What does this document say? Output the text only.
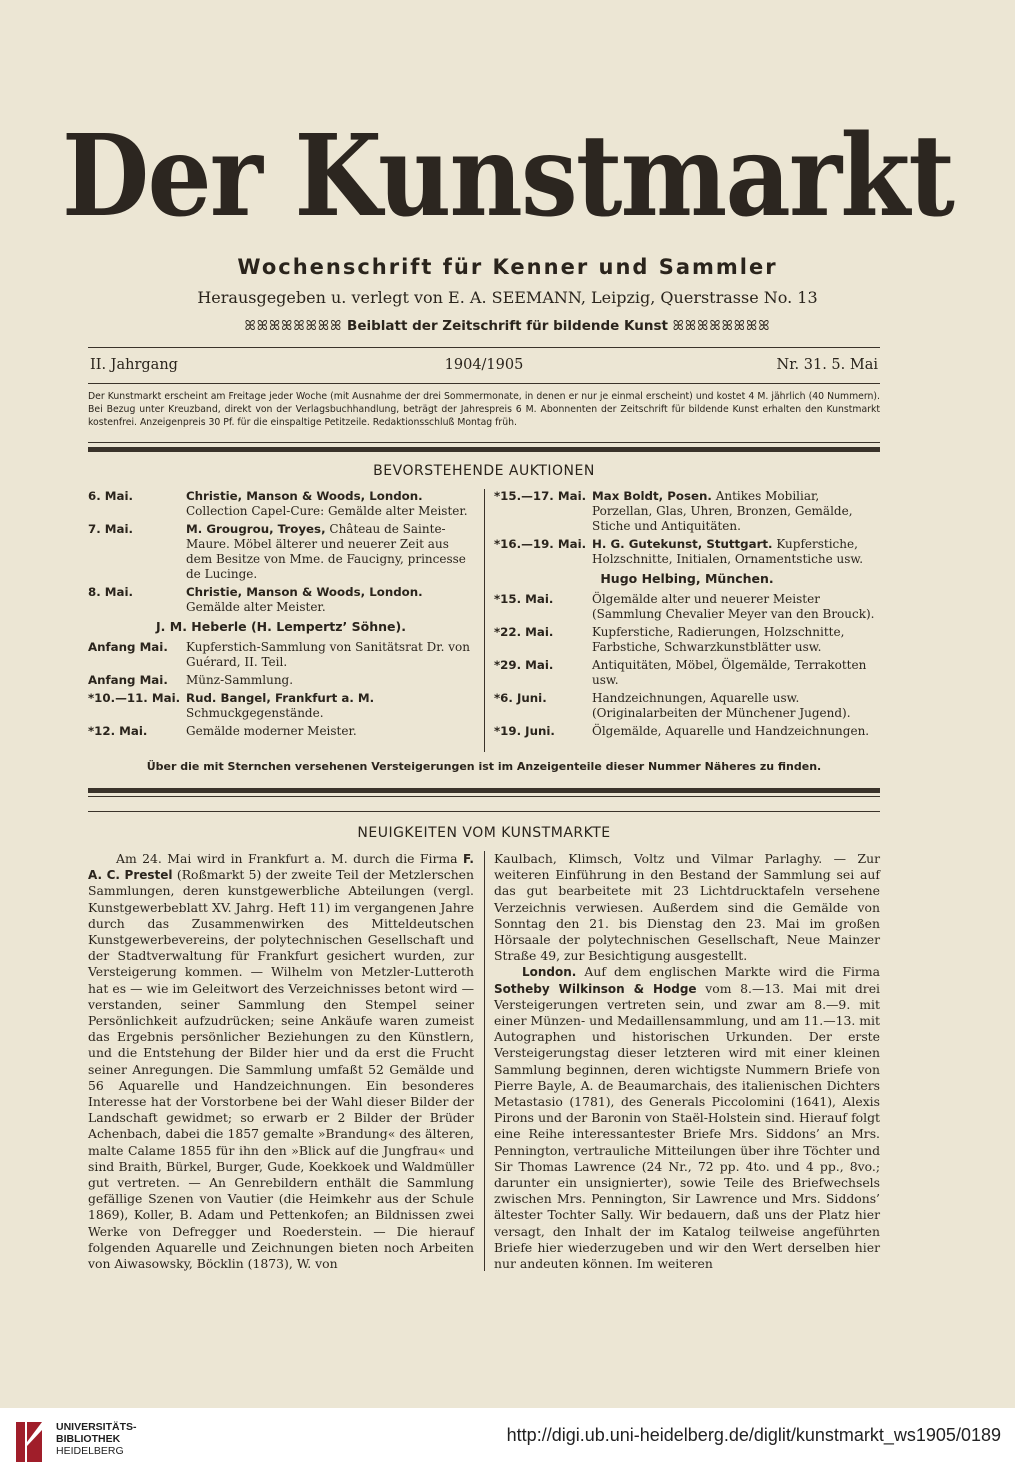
Der Kunstmarkt
Wochenschrift für Kenner und Sammler
Herausgegeben u. verlegt von E. A. SEEMANN, Leipzig, Querstrasse No. 13
ꕤꕤꕤꕤꕤꕤꕤꕤ Beiblatt der Zeitschrift für bildende Kunst ꕤꕤꕤꕤꕤꕤꕤꕤ
1904/1905
II. Jahrgang	Nr. 31. 5. Mai
Der Kunstmarkt erscheint am Freitage jeder Woche (mit Ausnahme der drei Sommermonate, in denen er nur je einmal erscheint) und kostet 4 M. jährlich (40 Nummern). Bei Bezug unter Kreuzband, direkt von der Verlagsbuchhandlung, beträgt der Jahrespreis 6 M. Abonnenten der Zeitschrift für bildende Kunst erhalten den Kunstmarkt kostenfrei. Anzeigenpreis 30 Pf. für die einspaltige Petitzeile. Redaktionsschluß Montag früh.
BEVORSTEHENDE AUKTIONEN
6. Mai.	Christie, Manson & Woods, London. Collection Capel-Cure: Gemälde alter Meister.
7. Mai.	M. Grougrou, Troyes, Château de Sainte-Maure. Möbel älterer und neuerer Zeit aus dem Besitze von Mme. de Faucigny, princesse de Lucinge.
8. Mai.	Christie, Manson & Woods, London. Gemälde alter Meister.
J. M. Heberle (H. Lempertz’ Söhne).
Anfang Mai. Kupferstich-Sammlung von Sanitätsrat Dr. von Guérard, II. Teil.
Anfang Mai. Münz-Sammlung.
*10.—11. Mai. Rud. Bangel, Frankfurt a. M. Schmuckgegenstände.
*12. Mai.	Gemälde moderner Meister.
*15.—17. Mai. Max Boldt, Posen. Antikes Mobiliar, Porzellan, Glas, Uhren, Bronzen, Gemälde, Stiche und Antiquitäten.
*16.—19. Mai. H. G. Gutekunst, Stuttgart. Kupferstiche, Holzschnitte, Initialen, Ornamentstiche usw.
Hugo Helbing, München.
*15. Mai.	Ölgemälde alter und neuerer Meister (Sammlung Chevalier Meyer van den Brouck).
*22. Mai.	Kupferstiche, Radierungen, Holzschnitte, Farbstiche, Schwarzkunstblätter usw.
*29. Mai.	Antiquitäten, Möbel, Ölgemälde, Terrakotten usw.
*6. Juni.	Handzeichnungen, Aquarelle usw. (Originalarbeiten der Münchener Jugend).
*19. Juni.	Ölgemälde, Aquarelle und Handzeichnungen.
Über die mit Sternchen versehenen Versteigerungen ist im Anzeigenteile dieser Nummer Näheres zu finden.
NEUIGKEITEN VOM KUNSTMARKTE

Am 24. Mai wird in Frankfurt a. M. durch die Firma F. A. C. Prestel (Roßmarkt 5) der zweite Teil der Metzlerschen Sammlungen, deren kunstgewerbliche Abteilungen (vergl. Kunstgewerbeblatt XV. Jahrg. Heft 11) im vergangenen Jahre durch das Zusammenwirken des Mitteldeutschen Kunstgewerbevereins, der polytechnischen Gesellschaft und der Stadtverwaltung für Frankfurt gesichert wurden, zur Versteigerung kommen. — Wilhelm von Metzler-Lutteroth hat es — wie im Geleitwort des Verzeichnisses betont wird — verstanden, seiner Sammlung den Stempel seiner Persönlichkeit aufzudrücken; seine Ankäufe waren zumeist das Ergebnis persönlicher Beziehungen zu den Künstlern, und die Entstehung der Bilder hier und da erst die Frucht seiner Anregungen. Die Sammlung umfaßt 52 Gemälde und 56 Aquarelle und Handzeichnungen. Ein besonderes Interesse hat der Vorstorbene bei der Wahl dieser Bilder der Landschaft gewidmet; so erwarb er 2 Bilder der Brüder Achenbach, dabei die 1857 gemalte »Brandung« des älteren, malte Calame 1855 für ihn den »Blick auf die Jungfrau« und sind Braith, Bürkel, Burger, Gude, Koekkoek und Waldmüller gut vertreten. — An Genrebildern enthält die Sammlung gefällige Szenen von Vautier (die Heimkehr aus der Schule 1869), Koller, B. Adam und Pettenkofen; an Bildnissen zwei Werke von Defregger und Roederstein. — Die hierauf folgenden Aquarelle und Zeichnungen bieten noch Arbeiten von Aiwasowsky, Böcklin (1873), W. von

Kaulbach, Klimsch, Voltz und Vilmar Parlaghy. — Zur weiteren Einführung in den Bestand der Sammlung sei auf das gut bearbeitete mit 23 Lichtdrucktafeln versehene Verzeichnis verwiesen. Außerdem sind die Gemälde von Sonntag den 21. bis Dienstag den 23. Mai im großen Hörsaale der polytechnischen Gesellschaft, Neue Mainzer Straße 49, zur Besichtigung ausgestellt.

London. Auf dem englischen Markte wird die Firma Sotheby Wilkinson & Hodge vom 8.—13. Mai mit drei Versteigerungen vertreten sein, und zwar am 8.—9. mit einer Münzen- und Medaillensammlung, und am 11.—13. mit Autographen und historischen Urkunden. Der erste Versteigerungstag dieser letzteren wird mit einer kleinen Sammlung beginnen, deren wichtigste Nummern Briefe von Pierre Bayle, A. de Beaumarchais, des italienischen Dichters Metastasio (1781), des Generals Piccolomini (1641), Alexis Pirons und der Baronin von Staël-Holstein sind. Hierauf folgt eine Reihe interessantester Briefe Mrs. Siddons’ an Mrs. Pennington, vertrauliche Mitteilungen über ihre Töchter und Sir Thomas Lawrence (24 Nr., 72 pp. 4to. und 4 pp., 8vo.; darunter ein unsignierter), sowie Teile des Briefwechsels zwischen Mrs. Pennington, Sir Lawrence und Mrs. Siddons’ ältester Tochter Sally. Wir bedauern, daß uns der Platz hier versagt, den Inhalt der im Katalog teilweise angeführten Briefe hier wiederzugeben und wir den Wert derselben hier nur andeuten können. Im weiteren

UNIVERSITÄTS-
BIBLIOTHEK
HEIDELBERG
http://digi.ub.uni-heidelberg.de/diglit/kunstmarkt_ws1905/0189
